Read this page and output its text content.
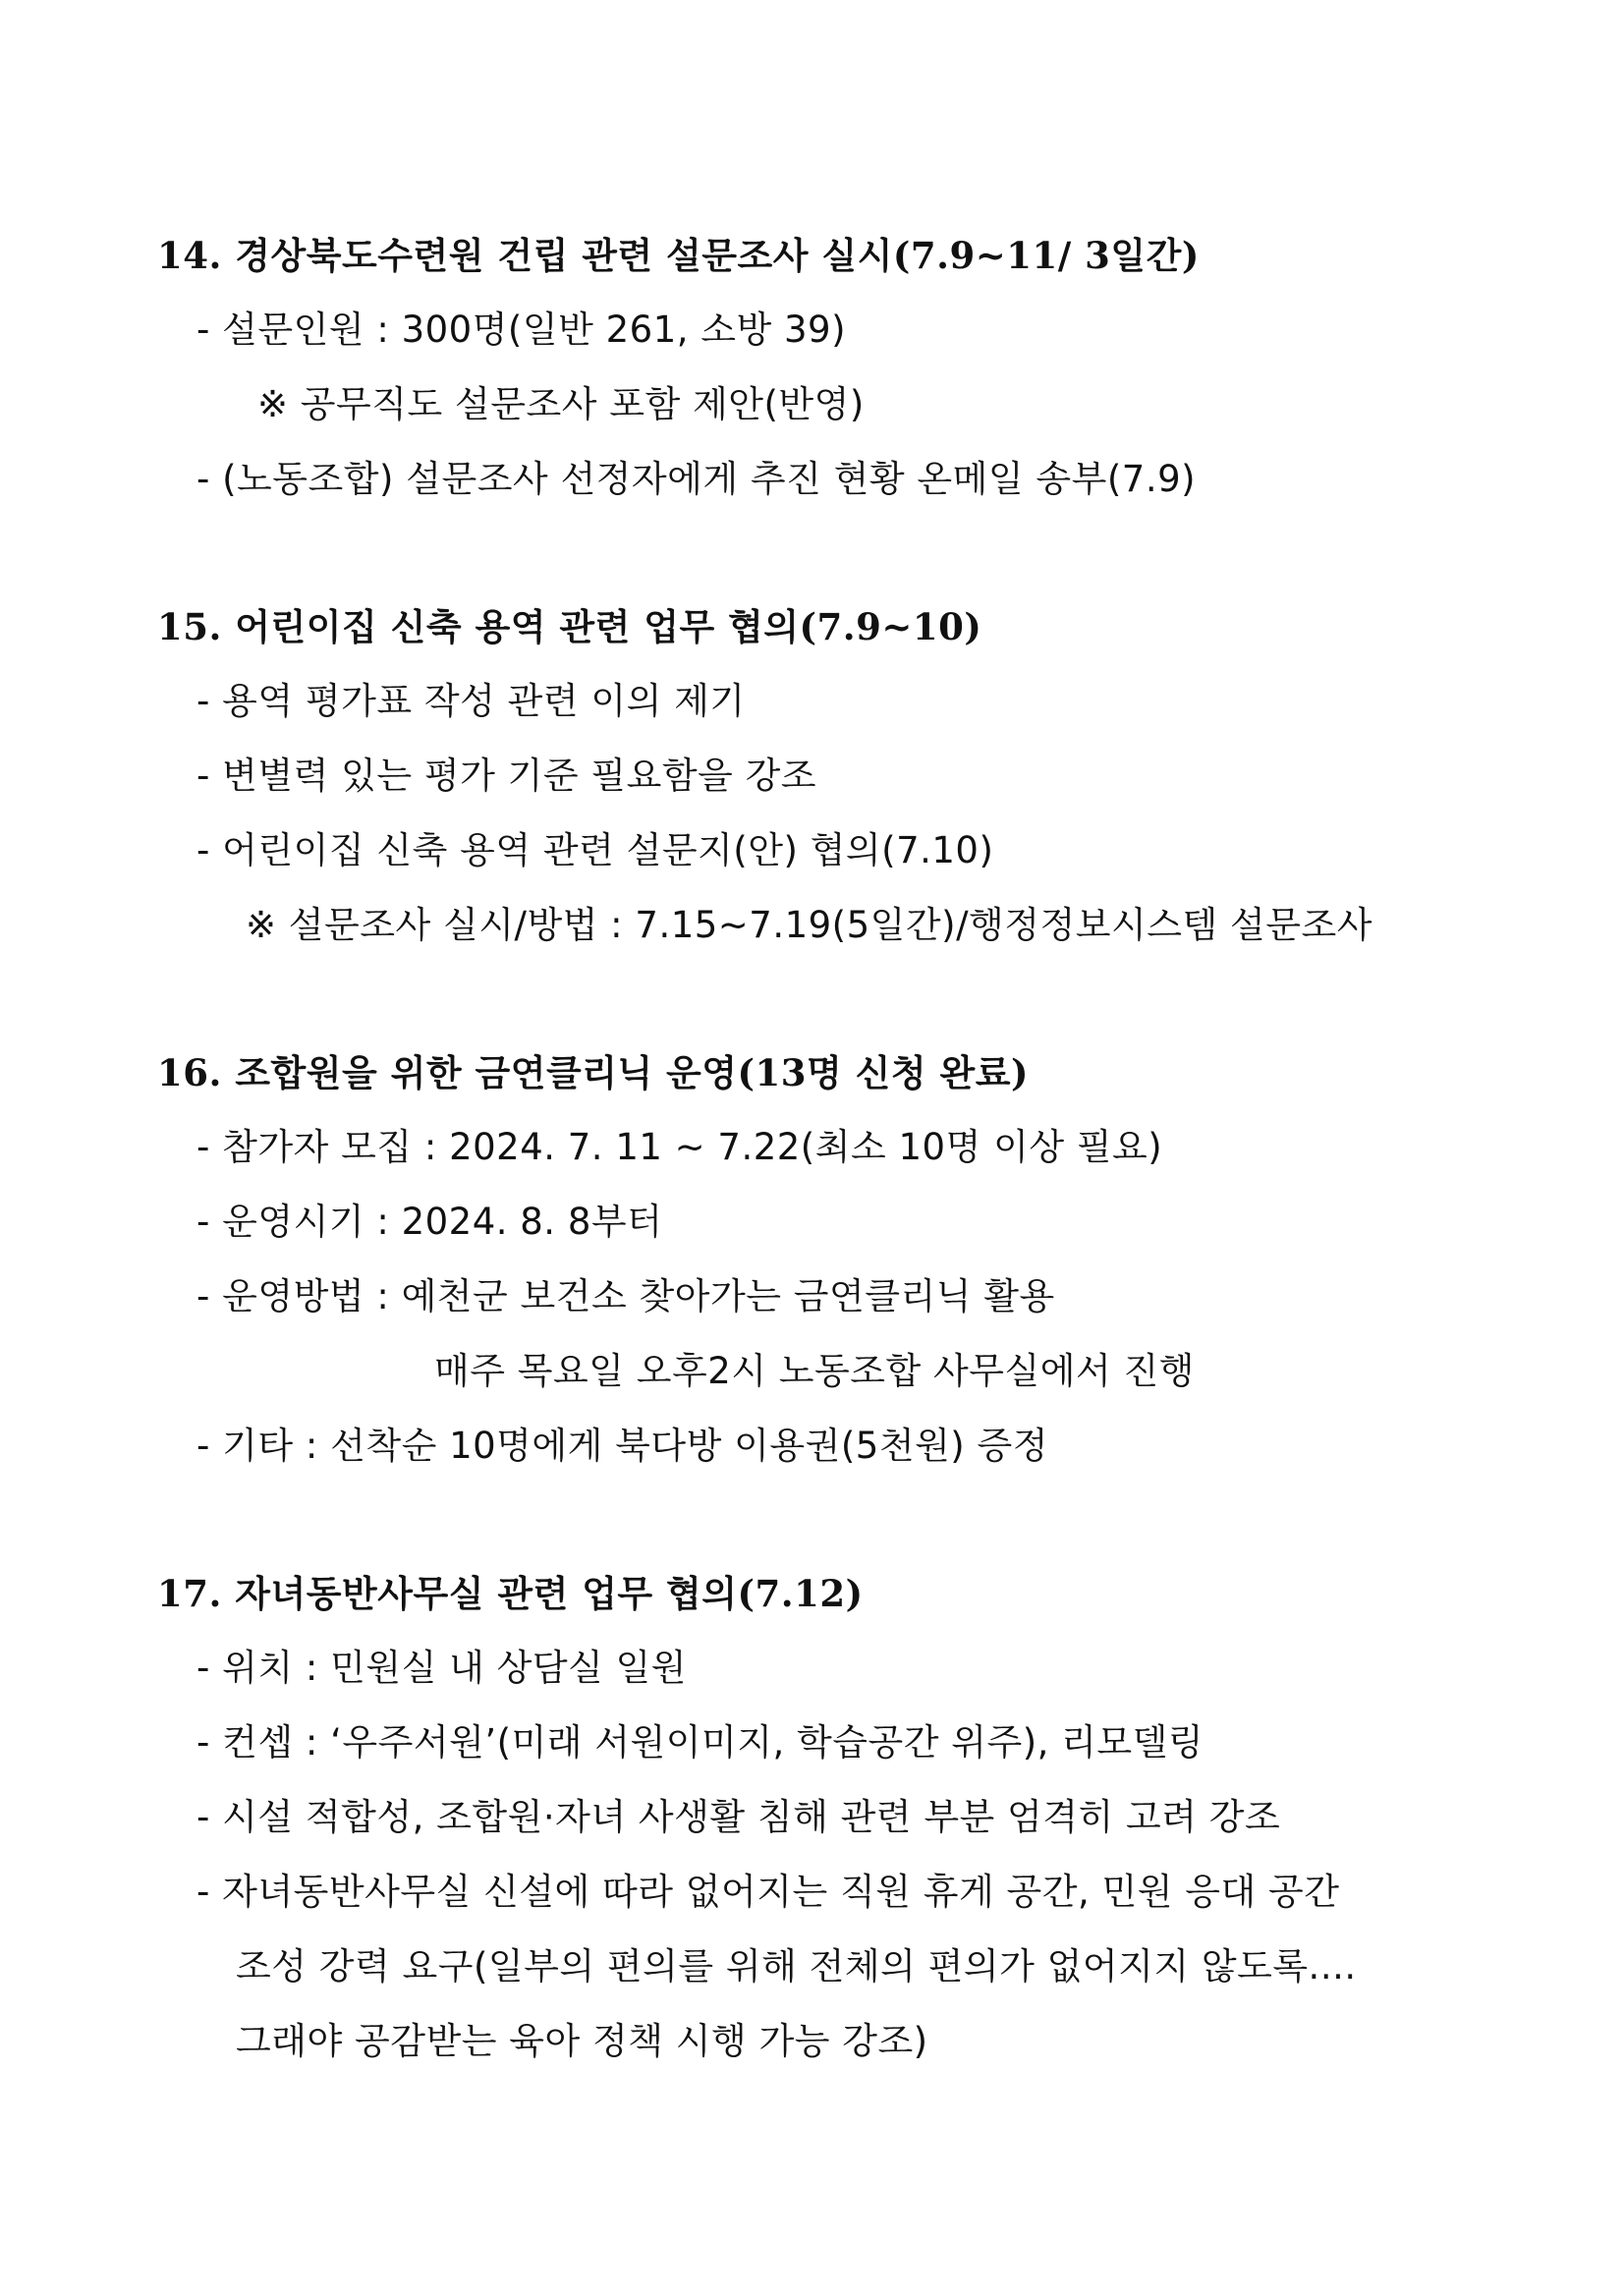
14. 경상북도수련원 건립 관련 설문조사 실시(7.9~11/ 3일간)
- 설문인원 : 300명(일반 261, 소방 39)
※ 공무직도 설문조사 포함 제안(반영)
- (노동조합) 설문조사 선정자에게 추진 현황 온메일 송부(7.9)
15. 어린이집 신축 용역 관련 업무 협의(7.9~10)
- 용역 평가표 작성 관련 이의 제기
- 변별력 있는 평가 기준 필요함을 강조
- 어린이집 신축 용역 관련 설문지(안) 협의(7.10)
※ 설문조사 실시/방법 : 7.15~7.19(5일간)/행정정보시스템 설문조사
16. 조합원을 위한 금연클리닉 운영(13명 신청 완료)
- 참가자 모집 : 2024. 7. 11 ~ 7.22(최소 10명 이상 필요)
- 운영시기 : 2024. 8. 8부터
- 운영방법 : 예천군 보건소 찾아가는 금연클리닉 활용
매주 목요일 오후2시 노동조합 사무실에서 진행
- 기타 : 선착순 10명에게 북다방 이용권(5천원) 증정
17. 자녀동반사무실 관련 업무 협의(7.12)
- 위치 : 민원실 내 상담실 일원
- 컨셉 : ‘우주서원’(미래 서원이미지, 학습공간 위주), 리모델링
- 시설 적합성, 조합원·자녀 사생활 침해 관련 부분 엄격히 고려 강조
- 자녀동반사무실 신설에 따라 없어지는 직원 휴게 공간, 민원 응대 공간
조성 강력 요구(일부의 편의를 위해 전체의 편의가 없어지지 않도록....
그래야 공감받는 육아 정책 시행 가능 강조)
